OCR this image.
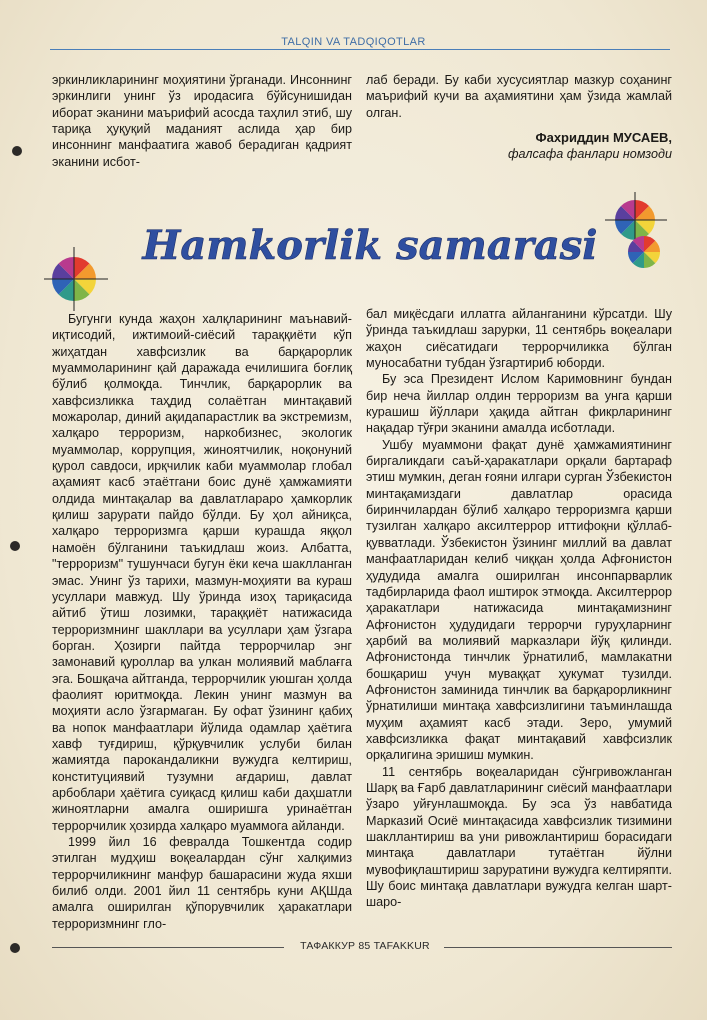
TALQIN VA TADQIQOTLAR

эркинликларининг моҳиятини ўрганади. Инсоннинг эркинлиги унинг ўз иродасига бўйсунишидан иборат эканини маърифий асосда таҳлил этиб, шу тариқа ҳуқуқий маданият аслида ҳар бир инсоннинг манфаатига жавоб берадиган қадрият эканини исбот-

лаб беради. Бу каби хусусиятлар мазкур соҳанинг маърифий кучи ва аҳамиятини ҳам ўзида жамлай олган.

Фахриддин МУСАЕВ,
фалсафа фанлари номзоди
Hamkorlik samarasi

Бугунги кунда жаҳон халқларининг маънавий-иқтисодий, ижтимоий-сиёсий тараққиёти кўп жиҳатдан хавфсизлик ва барқарорлик муаммоларининг қай даражада ечилишига боғлиқ бўлиб қолмоқда. Тинчлик, барқарорлик ва хавфсизликка таҳдид солаётган минтақавий можаролар, диний ақидапарастлик ва экстремизм, халқаро терроризм, наркобизнес, экологик муаммолар, коррупция, жиноятчилик, ноқонуний қурол савдоси, ирқчилик каби муаммолар глобал аҳамият касб этаётгани боис дунё ҳамжамияти олдида минтақалар ва давлатлараро ҳамкорлик қилиш зарурати пайдо бўлди. Бу ҳол айниқса, халқаро терроризмга қарши курашда яққол намоён бўлганини таъкидлаш жоиз. Албатта, "терроризм" тушунчаси бугун ёки кеча шаклланган эмас. Унинг ўз тарихи, мазмун-моҳияти ва кураш усуллари мавжуд. Шу ўринда изоҳ тариқасида айтиб ўтиш лозимки, тараққиёт натижасида терроризмнинг шакллари ва усуллари ҳам ўзгара борган. Ҳозирги пайтда террорчилар энг замонавий қуроллар ва улкан молиявий маблағга эга. Бошқача айтганда, террорчилик уюшган ҳолда фаолият юритмоқда. Лекин унинг мазмун ва моҳияти асло ўзгармаган. Бу офат ўзининг қабиҳ ва нопок манфаатлари йўлида одамлар ҳаётига хавф туғдириш, қўрқувчилик услуби билан жамиятда парокандаликни вужудга келтириш, конституциявий тузумни ағдариш, давлат арбоблари ҳаётига суиқасд қилиш каби даҳшатли жиноятларни амалга оширишга уринаётган террорчилик ҳозирда халқаро муаммога айланди.

1999 йил 16 февралда Тошкентда содир этилган мудҳиш воқеалардан сўнг халқимиз террорчиликнинг манфур башарасини жуда яхши билиб олди. 2001 йил 11 сентябрь куни АҚШда амалга оширилган қўпорувчилик ҳаракатлари терроризмнинг гло-

бал миқёсдаги иллатга айланганини кўрсатди. Шу ўринда таъкидлаш зарурки, 11 сентябрь воқеалари жаҳон сиёсатидаги террорчиликка бўлган муносабатни тубдан ўзгартириб юборди.

Бу эса Президент Ислом Каримовнинг бундан бир неча йиллар олдин терроризм ва унга қарши курашиш йўллари ҳақида айтган фикрларининг нақадар тўғри эканини амалда исботлади.

Ушбу муаммони фақат дунё ҳамжамиятининг биргаликдаги саъй-ҳаракатлари орқали бартараф этиш мумкин, деган ғояни илгари сурган Ўзбекистон минтақамиздаги давлатлар орасида биринчилардан бўлиб халқаро терроризмга қарши тузилган халқаро аксилтеррор иттифоқни қўллаб-қувватлади. Ўзбекистон ўзининг миллий ва давлат манфаатларидан келиб чиққан ҳолда Афғонистон ҳудудида амалга оширилган инсонпарварлик тадбирларида фаол иштирок этмоқда. Аксилтеррор ҳаракатлари натижасида минтақамизнинг Афғонистон ҳудудидаги террорчи гуруҳларнинг ҳарбий ва молиявий марказлари йўқ қилинди. Афғонистонда тинчлик ўрнатилиб, мамлакатни бошқариш учун муваққат ҳукумат тузилди. Афғонистон заминида тинчлик ва барқарорликнинг ўрнатилиши минтақа хавфсизлигини таъминлашда муҳим аҳамият касб этади. Зеро, умумий хавфсизликка фақат минтақавий хавфсизлик орқалигина эришиш мумкин.

11 сентябрь воқеаларидан сўнгривожланган Шарқ ва Ғарб давлатларининг сиёсий манфаатлари ўзаро уйғунлашмоқда. Бу эса ўз навбатида Марказий Осиё минтақасида хавфсизлик тизимини шакллантириш ва уни ривожлантириш борасидаги минтақа давлатлари тутаётган йўлни мувофиқлаштириш заруратини вужудга келтиряпти. Шу боис минтақа давлатлари вужудга келган шарт-шаро-

ТАФАККУР 85 TAFAKKUR
